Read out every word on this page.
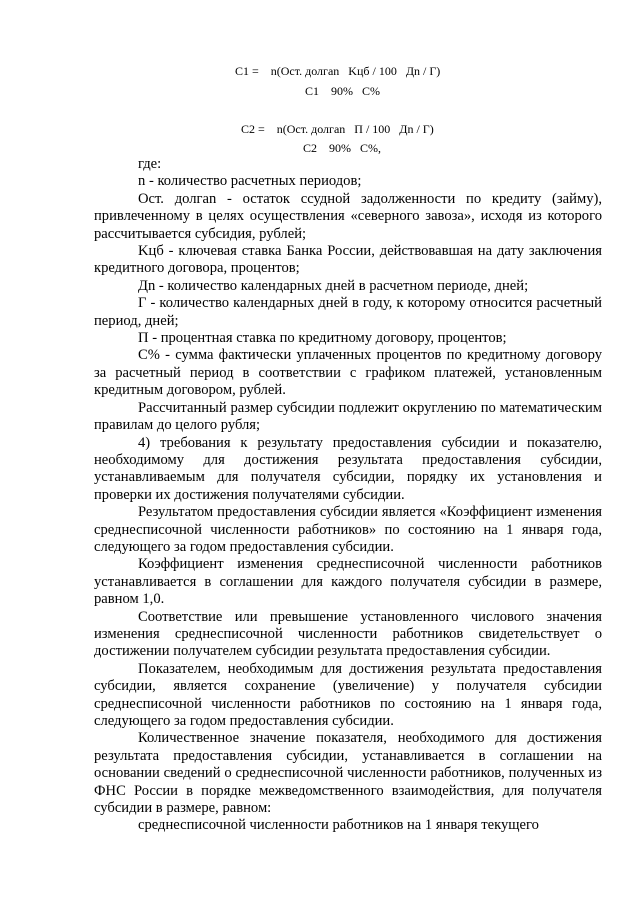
C1 =    n(Ост. долгan   Kцб / 100   Дn / Г)
C1    90%   C%
C2 =    n(Ост. долгan   П / 100   Дn / Г)
C2    90%   C%,

где:

n - количество расчетных периодов;

Ост. долгan - остаток ссудной задолженности по кредиту (займу), привлеченному в целях осуществления «северного завоза», исходя из которого рассчитывается субсидия, рублей;

Kцб - ключевая ставка Банка России, действовавшая на дату заключения кредитного договора, процентов;

Дn - количество календарных дней в расчетном периоде, дней;

Г - количество календарных дней в году, к которому относится расчетный период, дней;

П - процентная ставка по кредитному договору, процентов;

C% - сумма фактически уплаченных процентов по кредитному договору за расчетный период в соответствии с графиком платежей, установленным кредитным договором, рублей.

Рассчитанный размер субсидии подлежит округлению по математическим правилам до целого рубля;

4) требования к результату предоставления субсидии и показателю, необходимому для достижения результата предоставления субсидии, устанавливаемым для получателя субсидии, порядку их установления и проверки их достижения получателями субсидии.

Результатом предоставления субсидии является «Коэффициент изменения среднесписочной численности работников» по состоянию на 1 января года, следующего за годом предоставления субсидии.

Коэффициент изменения среднесписочной численности работников устанавливается в соглашении для каждого получателя субсидии в размере, равном 1,0.

Соответствие или превышение установленного числового значения изменения среднесписочной численности работников свидетельствует о достижении получателем субсидии результата предоставления субсидии.

Показателем, необходимым для достижения результата предоставления субсидии, является сохранение (увеличение) у получателя субсидии среднесписочной численности работников по состоянию на 1 января года, следующего за годом предоставления субсидии.

Количественное значение показателя, необходимого для достижения результата предоставления субсидии, устанавливается в соглашении на основании сведений о среднесписочной численности работников, полученных из ФНС России в порядке межведомственного взаимодействия, для получателя субсидии в размере, равном:

среднесписочной численности работников на 1 января текущего
